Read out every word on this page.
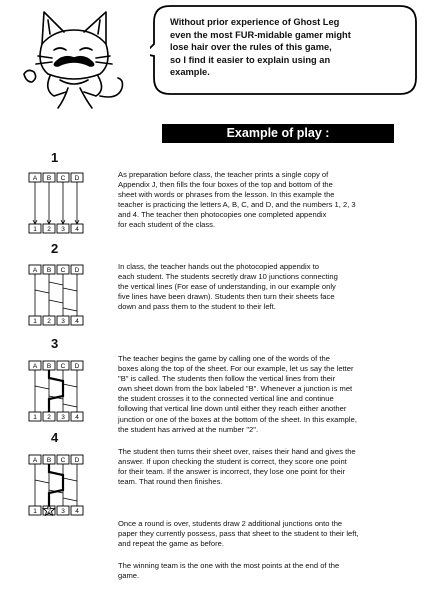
Without prior experience of Ghost Leg
even the most FUR-midable gamer might
lose hair over the rules of this game,
so I find it easier to explain using an
example.
Example of play :
1
2
3
4
A B C D
1 2 3 4
A B C D
1 2 3 4
A B C D
1 2 3 4
A B C D
1 2 3 4
As preparation before class, the teacher prints a single copy of
Appendix J, then fills the four boxes of the top and bottom of the
sheet with words or phrases from the lesson. In this example the
teacher is practicing the letters A, B, C, and D, and the numbers 1, 2, 3
and 4. The teacher then photocopies one completed appendix
for each student of the class.
In class, the teacher hands out the photocopied appendix to
each student. The students secretly draw 10 junctions connecting
the vertical lines (For ease of understanding, in our example only
five lines have been drawn). Students then turn their sheets face
down and pass them to the student to their left.
The teacher begins the game by calling one of the words of the
boxes along the top of the sheet. For our example, let us say the letter
"B" is called. The students then follow the vertical lines from their
own sheet down from the box labeled "B". Whenever a junction is met
the student crosses it to the connected vertical line and continue
following that vertical line down until either they reach either another
junction or one of the boxes at the bottom of the sheet. In this example,
the student has arrived at the number "2".
The student then turns their sheet over, raises their hand and gives the
answer. If upon checking the student is correct, they score one point
for their team. If the answer is incorrect, they lose one point for their
team. That round then finishes.
Once a round is over, students draw 2 additional junctions onto the
paper they currently possess, pass that sheet to the student to their left,
and repeat the game as before.
The winning team is the one with the most points at the end of the
game.
